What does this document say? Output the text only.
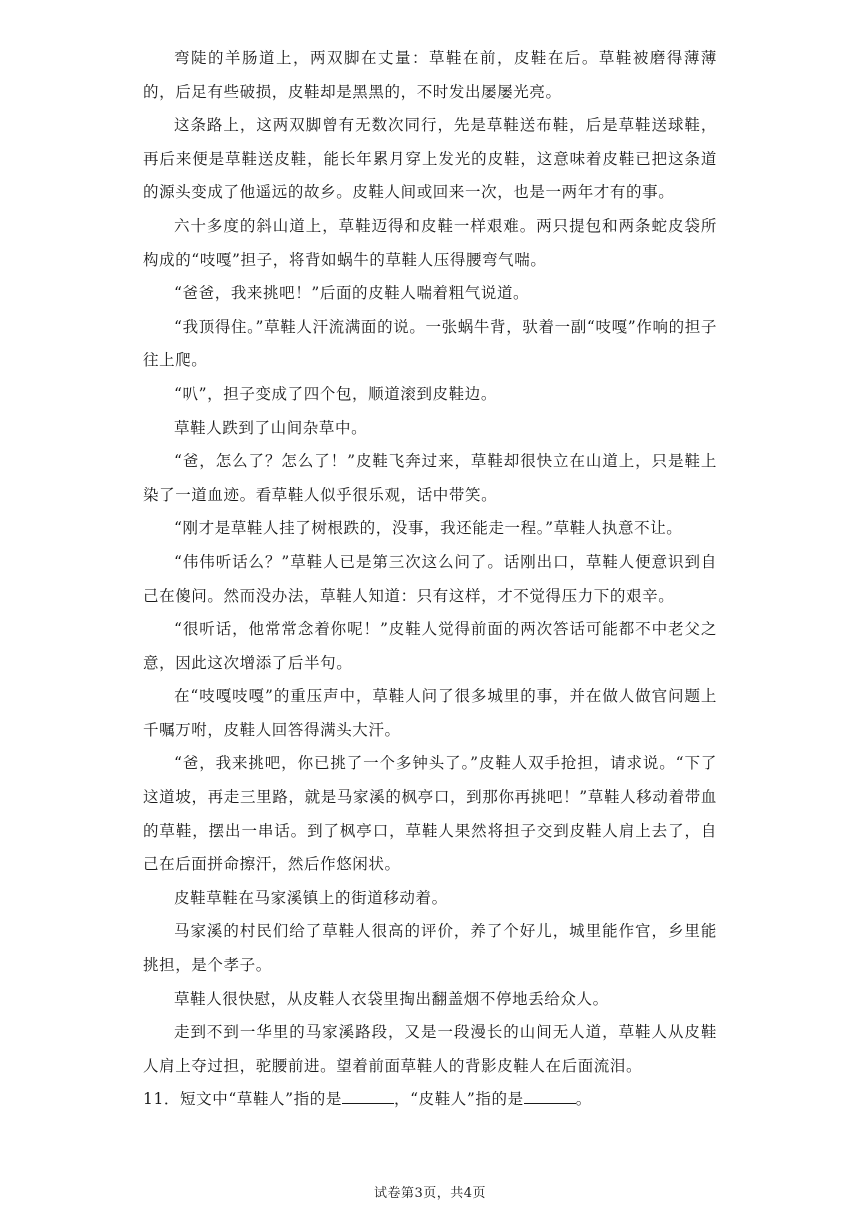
弯陡的羊肠道上，两双脚在丈量：草鞋在前，皮鞋在后。草鞋被磨得薄薄的，后足有些破损，皮鞋却是黑黑的，不时发出屡屡光亮。

这条路上，这两双脚曾有无数次同行，先是草鞋送布鞋，后是草鞋送球鞋，再后来便是草鞋送皮鞋，能长年累月穿上发光的皮鞋，这意味着皮鞋已把这条道的源头变成了他遥远的故乡。皮鞋人间或回来一次，也是一两年才有的事。

六十多度的斜山道上，草鞋迈得和皮鞋一样艰难。两只提包和两条蛇皮袋所构成的“吱嘎”担子，将背如蜗牛的草鞋人压得腰弯气喘。

“爸爸，我来挑吧！”后面的皮鞋人喘着粗气说道。

“我顶得住。”草鞋人汗流满面的说。一张蜗牛背，驮着一副“吱嘎”作响的担子往上爬。

“叭”，担子变成了四个包，顺道滚到皮鞋边。

草鞋人跌到了山间杂草中。

“爸，怎么了？怎么了！”皮鞋飞奔过来，草鞋却很快立在山道上，只是鞋上染了一道血迹。看草鞋人似乎很乐观，话中带笑。

“刚才是草鞋人挂了树根跌的，没事，我还能走一程。”草鞋人执意不让。

“伟伟听话么？”草鞋人已是第三次这么问了。话刚出口，草鞋人便意识到自己在傻问。然而没办法，草鞋人知道：只有这样，才不觉得压力下的艰辛。

“很听话，他常常念着你呢！”皮鞋人觉得前面的两次答话可能都不中老父之意，因此这次增添了后半句。

在“吱嘎吱嘎”的重压声中，草鞋人问了很多城里的事，并在做人做官问题上千嘱万咐，皮鞋人回答得满头大汗。

“爸，我来挑吧，你已挑了一个多钟头了。”皮鞋人双手抢担，请求说。“下了这道坡，再走三里路，就是马家溪的枫亭口，到那你再挑吧！”草鞋人移动着带血的草鞋，摆出一串话。到了枫亭口，草鞋人果然将担子交到皮鞋人肩上去了，自己在后面拼命擦汗，然后作悠闲状。

皮鞋草鞋在马家溪镇上的街道移动着。

马家溪的村民们给了草鞋人很高的评价，养了个好儿，城里能作官，乡里能挑担，是个孝子。

草鞋人很快慰，从皮鞋人衣袋里掏出翻盖烟不停地丢给众人。

走到不到一华里的马家溪路段，又是一段漫长的山间无人道，草鞋人从皮鞋人肩上夺过担，驼腰前进。望着前面草鞋人的背影皮鞋人在后面流泪。

11．短文中“草鞋人”指的是	，“皮鞋人”指的是	。

试卷第3页，共4页
